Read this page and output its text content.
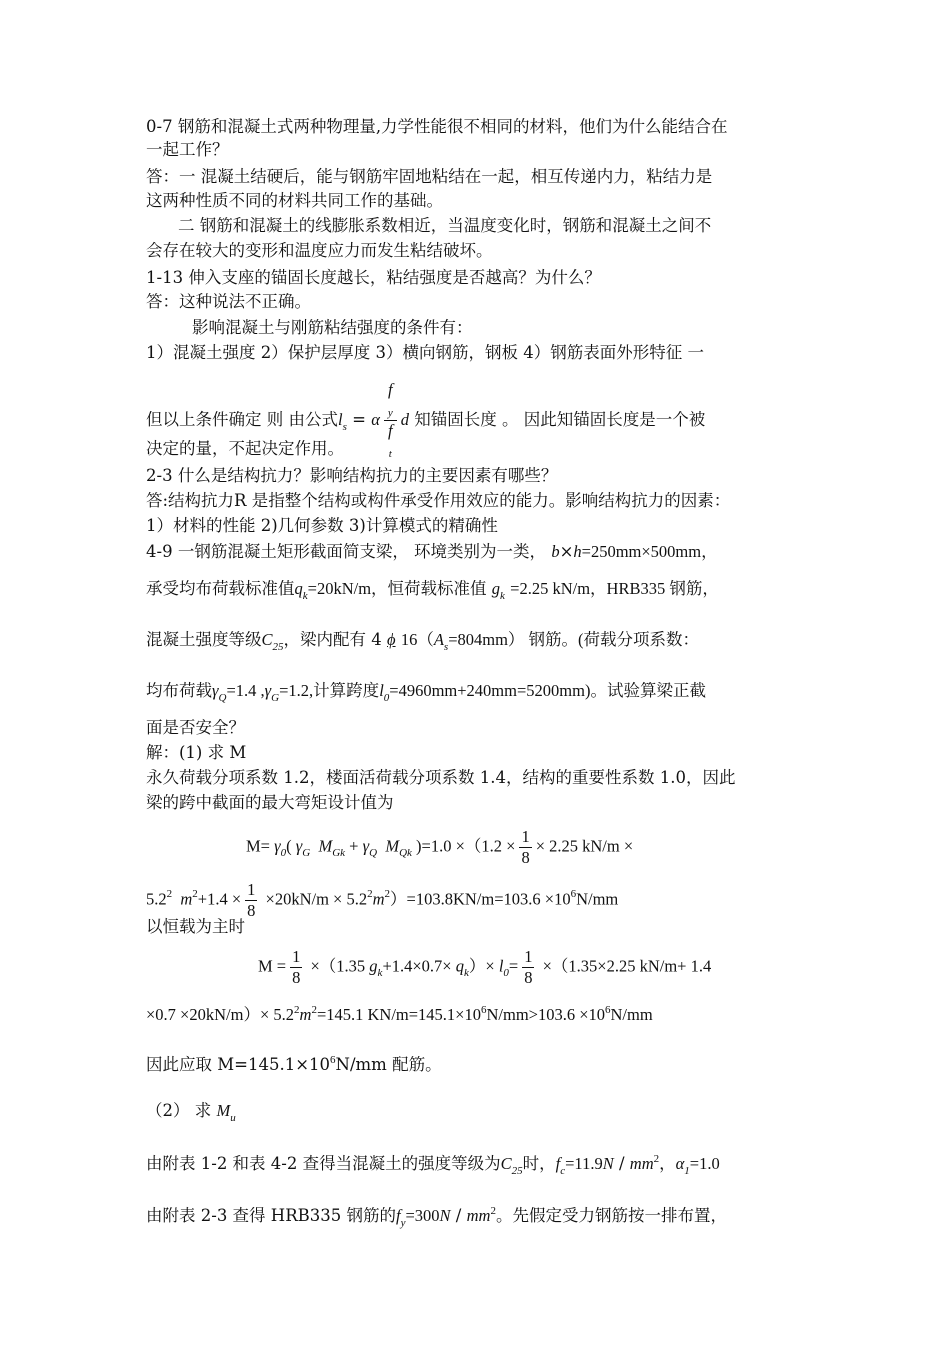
0-7 钢筋和混凝土式两种物理量,力学性能很不相同的材料，他们为什么能结合在
一起工作？
答：一 混凝土结硬后，能与钢筋牢固地粘结在一起，相互传递内力，粘结力是
这两种性质不同的材料共同工作的基础。
二 钢筋和混凝土的线膨胀系数相近，当温度变化时，钢筋和混凝土之间不
会存在较大的变形和温度应力而发生粘结破坏。
1-13 伸入支座的锚固长度越长，粘结强度是否越高？为什么？
答：这种说法不正确。
影响混凝土与刚筋粘结强度的条件有：
1）混凝土强度 2）保护层厚度 3）横向钢筋，钢板 4）钢筋表面外形特征 一
但以上条件确定 则 由公式$l_s = \alpha$ f
y
f
t d 知锚固长度 。 因此知锚固长度是一个被
决定的量，不起决定作用。
2-3 什么是结构抗力？影响结构抗力的主要因素有哪些？
答:结构抗力R 是指整个结构或构件承受作用效应的能力。影响结构抗力的因素：
1）材料的性能 2)几何参数 3)计算模式的精确性
4-9 一钢筋混凝土矩形截面简支梁， 环境类别为一类， b×h=250mm×500mm，
承受均布荷载标准值$q_k=20kN/m$，恒荷载标准值 $g_k =2.25$ kN/m，HRB335 钢筋，
混凝土强度等级$C_{25}$，梁内配有 4 ϕ $16(A_s=804mm)$ 钢筋。(荷载分项系数：
均布荷载$\gamma_Q=1.4$ $,\gamma_G=1.2$,计算跨度$l_0=4960mm+240mm=5200mm$)。试验算梁正截
面是否安全？
解：(1) 求 M
永久荷载分项系数 1.2，楼面活荷载分项系数 1.4，结构的重要性系数 1.0，因此
梁的跨中截面的最大弯矩设计值为
$M= \gamma_0$( $\gamma_G$ $M_{Gk} + \gamma_Q$ $M_{Qk}$ )$=1.0 \times(1.2 \times \frac{1}{8} \times 2.25$ kN/m ×
$5.2^2$ $m^2+1.4 \times \frac{1}{8} \times 20kN/m \times 5.2^2m^2)=103.8KN/m=103.6 \times 10^6N/mm$
以恒载为主时
$M = \frac{1}{8} \times(1.35$ $g_k+1.4\times 0.7\times q_k)\times l_0= \frac{1}{8} \times(1.35\times 2.25$ kN/m+ 1.4
$\times 0.7 \times 20kN/m)\times 5.2^2m^2=145.1$ $KN/m=145.1\times 10^6N/mm>103.6 \times 10^6N/mm$
因此应取 $M=145.1\times 10^6N/mm$ 配筋。
（2） 求 $M_u$
由附表 1-2 和表 4-2 查得当混凝土的强度等级为$C_{25}$时，$f_c=11.9N / mm^2$，$\alpha_1=1.0$
由附表 2-3 查得 HRB335 钢筋的$f_y=300N / mm^2$。先假定受力钢筋按一排布置，
